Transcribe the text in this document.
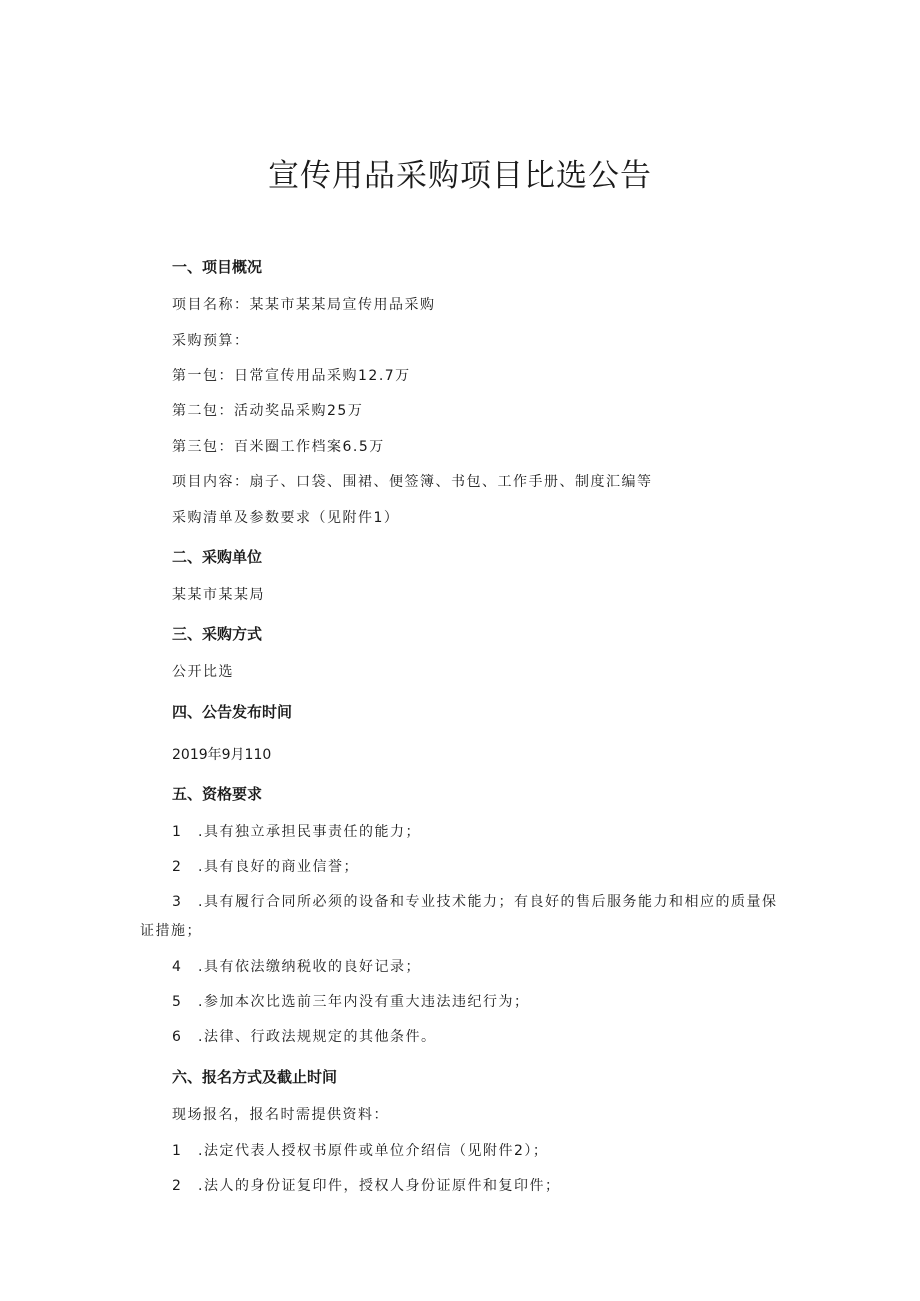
宣传用品采购项目比选公告
一、项目概况
项目名称：某某市某某局宣传用品采购
采购预算：
第一包：日常宣传用品采购12.7万
第二包：活动奖品采购25万
第三包：百米圈工作档案6.5万
项目内容：扇子、口袋、围裙、便签簿、书包、工作手册、制度汇编等
采购清单及参数要求（见附件1）
二、采购单位
某某市某某局
三、采购方式
公开比选
四、公告发布时间
2019年9月110
五、资格要求
1 .具有独立承担民事责任的能力；
2 .具有良好的商业信誉；
3 .具有履行合同所必须的设备和专业技术能力；有良好的售后服务能力和相应的质量保
证措施；
4 .具有依法缴纳税收的良好记录；
5 .参加本次比选前三年内没有重大违法违纪行为；
6 .法律、行政法规规定的其他条件。
六、报名方式及截止时间
现场报名，报名时需提供资料：
1 .法定代表人授权书原件或单位介绍信（见附件2）；
2 .法人的身份证复印件，授权人身份证原件和复印件；
